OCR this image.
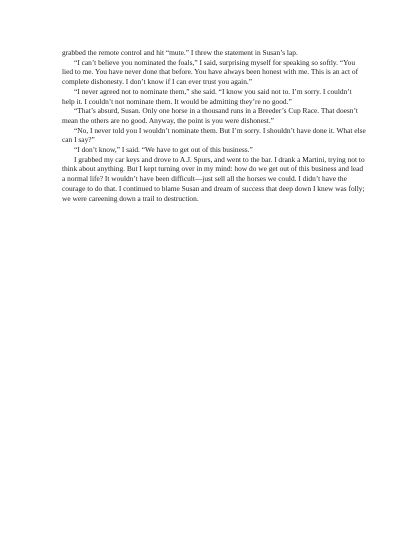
grabbed the remote control and hit “mute.” I threw the statement in Susan’s lap.

“I can’t believe you nominated the foals,” I said, surprising myself for speaking so softly. “You lied to me. You have never done that before. You have always been honest with me. This is an act of complete dishonesty. I don’t know if I can ever trust you again.”

“I never agreed not to nominate them,” she said. “I know you said not to. I’m sorry. I couldn’t help it. I couldn’t not nominate them. It would be admitting they’re no good.”

“That’s absurd, Susan. Only one horse in a thousand runs in a Breeder’s Cup Race. That doesn’t mean the others are no good. Anyway, the point is you were dishonest.”

“No, I never told you I wouldn’t nominate them. But I’m sorry. I shouldn’t have done it. What else can I say?”

“I don’t know,” I said. “We have to get out of this business.”

I grabbed my car keys and drove to A.J. Spurs, and went to the bar. I drank a Martini, trying not to think about anything. But I kept turning over in my mind: how do we get out of this business and lead a normal life? It wouldn’t have been difficult—just sell all the horses we could. I didn’t have the courage to do that. I continued to blame Susan and dream of success that deep down I knew was folly; we were careening down a trail to destruction.
